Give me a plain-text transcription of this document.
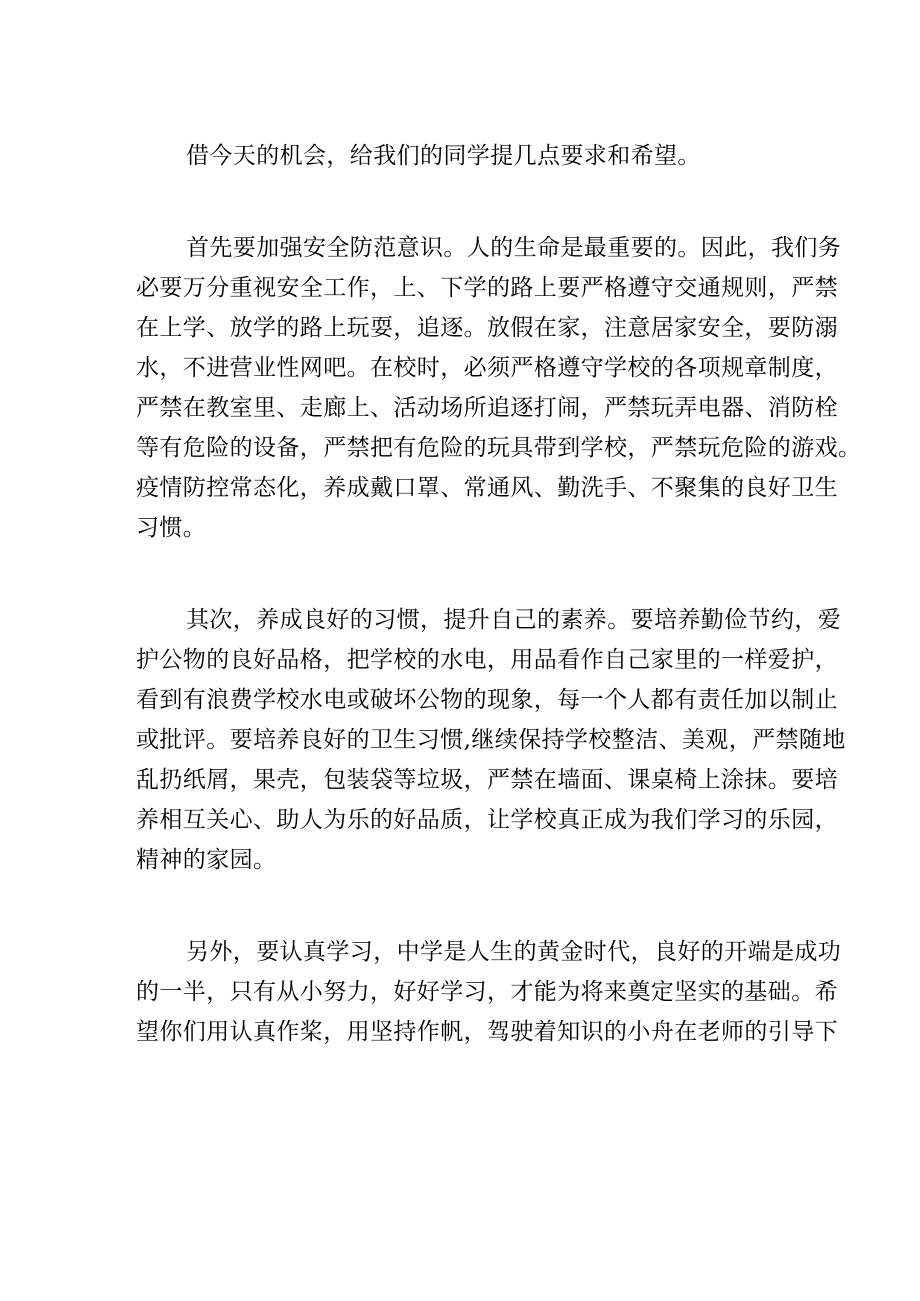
借今天的机会，给我们的同学提几点要求和希望。
首先要加强安全防范意识。人的生命是最重要的。因此，我们务
必要万分重视安全工作，上、下学的路上要严格遵守交通规则，严禁
在上学、放学的路上玩耍，追逐。放假在家，注意居家安全，要防溺
水，不进营业性网吧。在校时，必须严格遵守学校的各项规章制度，
严禁在教室里、走廊上、活动场所追逐打闹，严禁玩弄电器、消防栓
等有危险的设备，严禁把有危险的玩具带到学校，严禁玩危险的游戏。
疫情防控常态化，养成戴口罩、常通风、勤洗手、不聚集的良好卫生
习惯。
其次，养成良好的习惯，提升自己的素养。要培养勤俭节约，爱
护公物的良好品格，把学校的水电，用品看作自己家里的一样爱护，
看到有浪费学校水电或破坏公物的现象，每一个人都有责任加以制止
或批评。要培养良好的卫生习惯,继续保持学校整洁、美观，严禁随地
乱扔纸屑，果壳，包装袋等垃圾，严禁在墙面、课桌椅上涂抹。要培
养相互关心、助人为乐的好品质，让学校真正成为我们学习的乐园，
精神的家园。
另外，要认真学习，中学是人生的黄金时代，良好的开端是成功
的一半，只有从小努力，好好学习，才能为将来奠定坚实的基础。希
望你们用认真作桨，用坚持作帆，驾驶着知识的小舟在老师的引导下
